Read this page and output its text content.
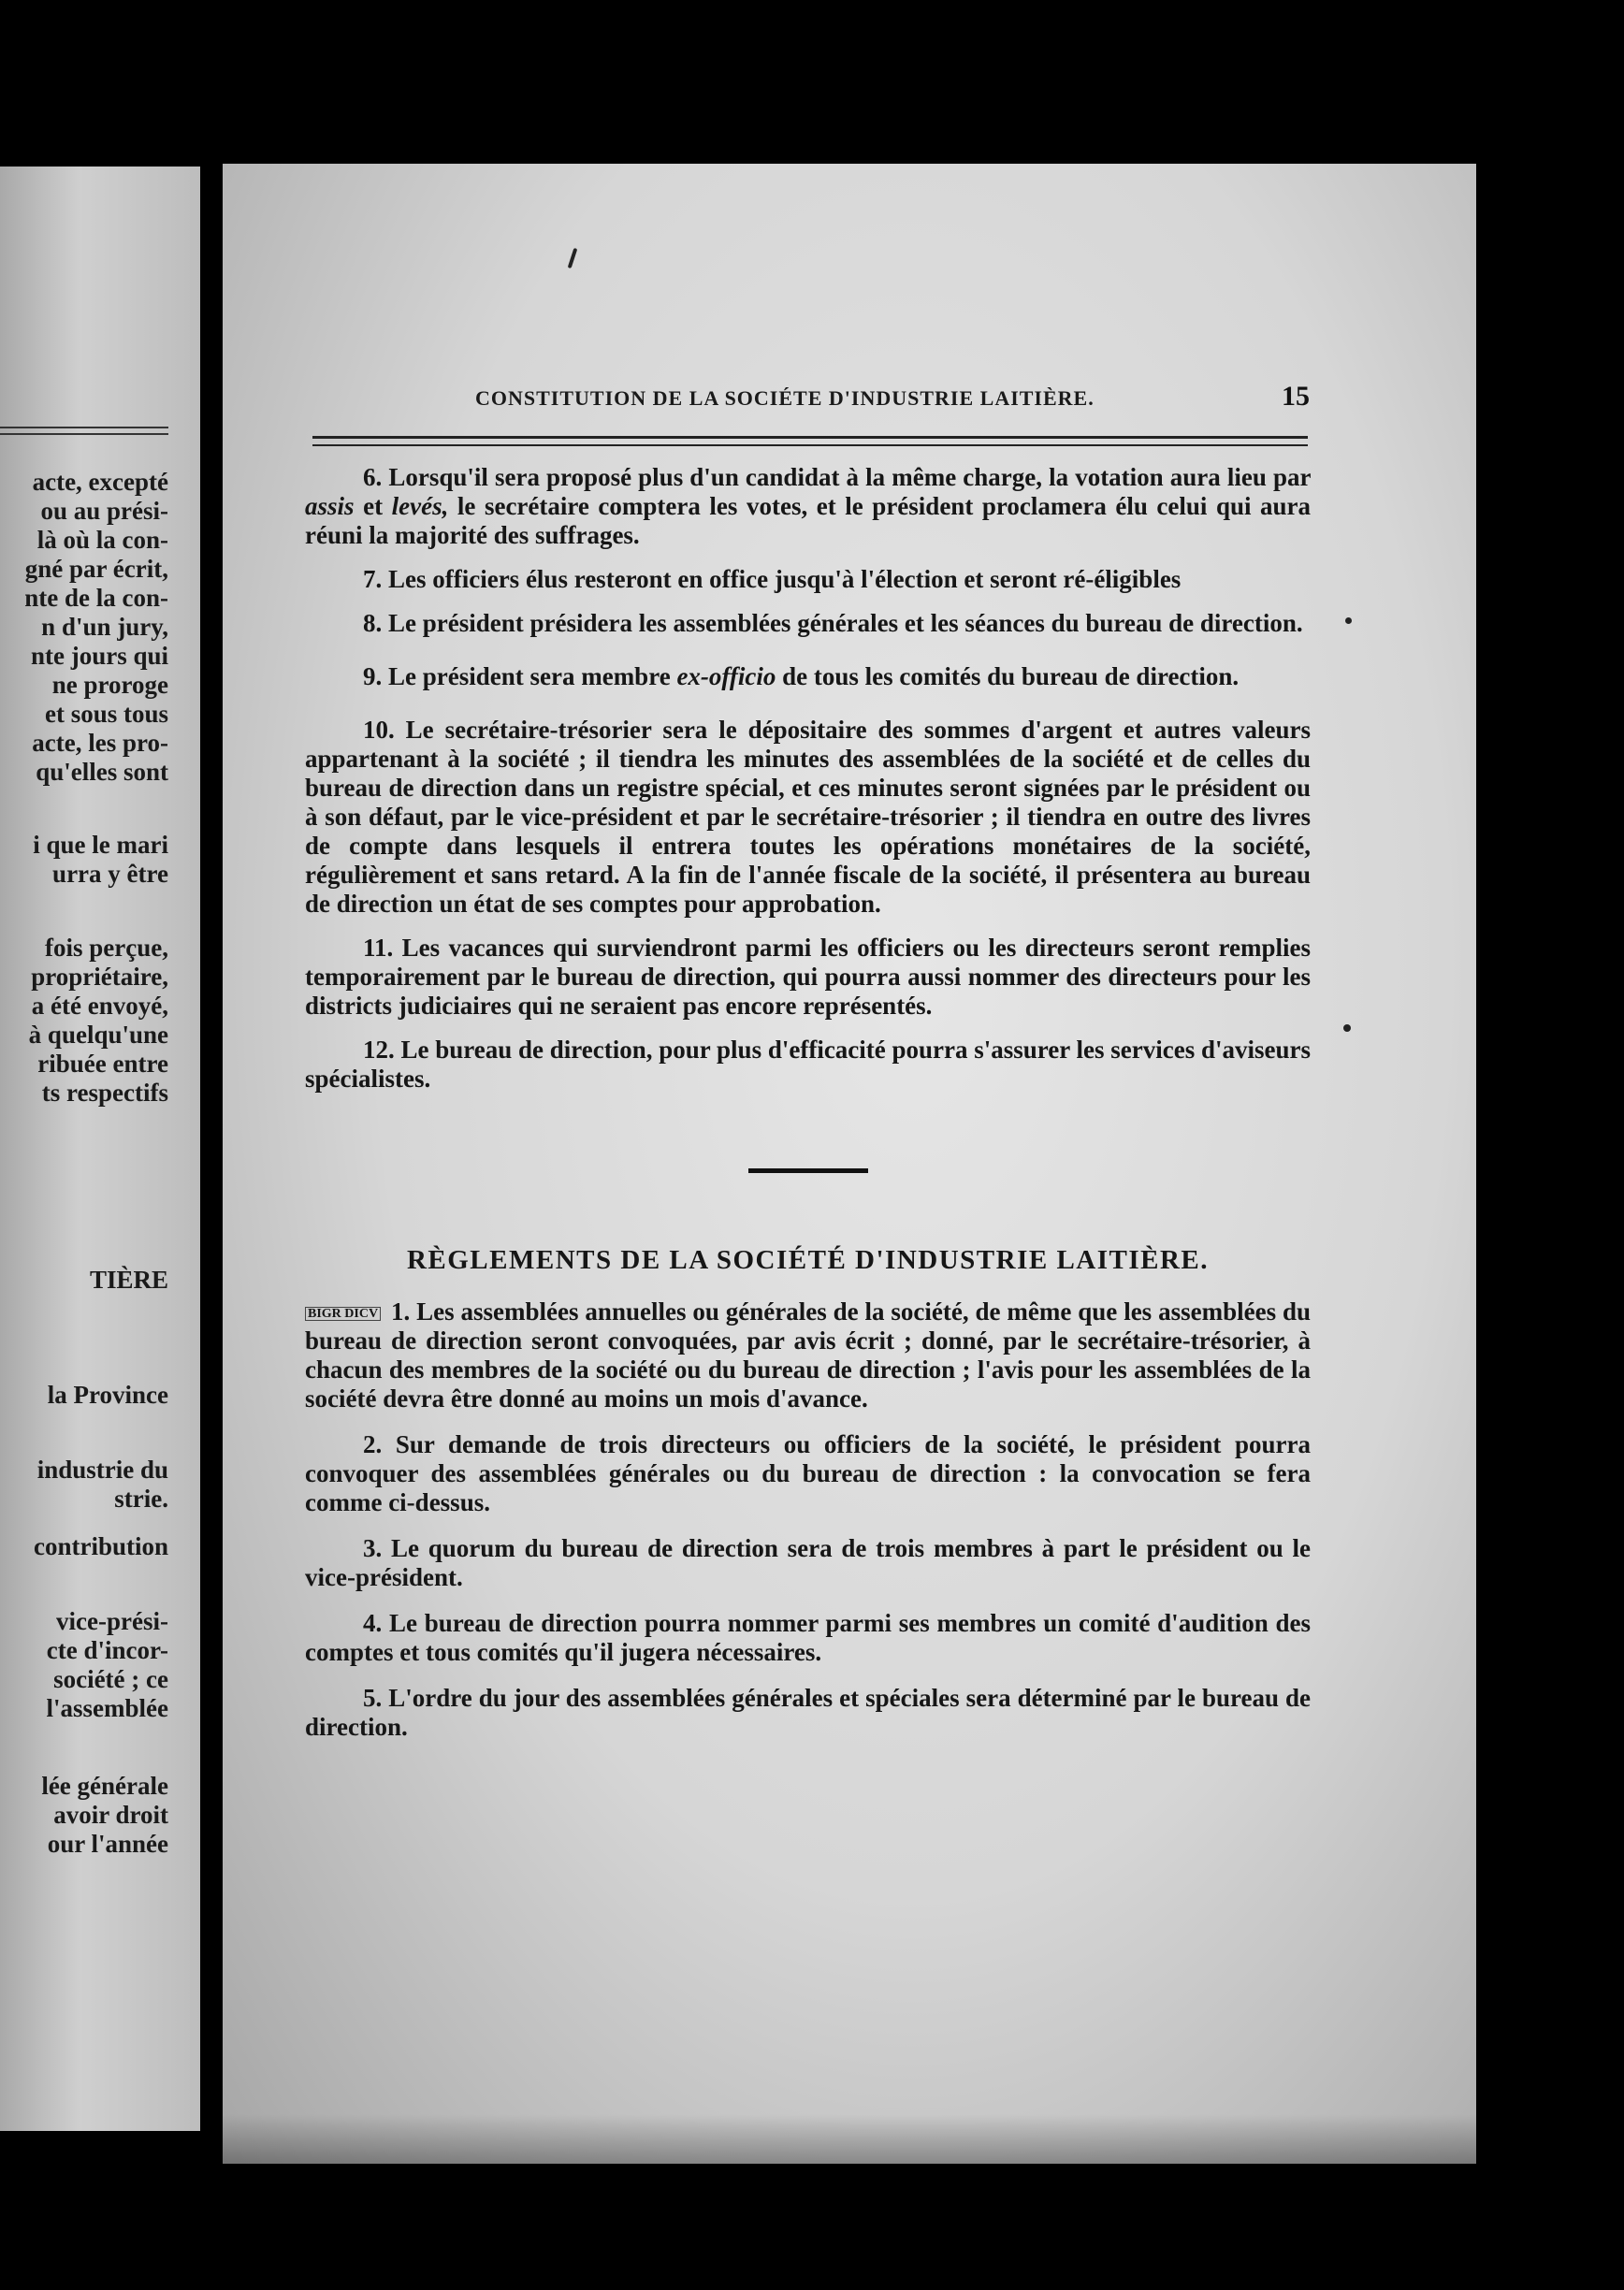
acte, excepté
ou au prési-
là où la con-
gné par écrit,
nte de la con-
n d'un jury,
nte jours qui
ne proroge
et sous tous
acte, les pro-
qu'elles sont
i que le mari
urra y être
fois perçue,
propriétaire,
a été envoyé,
à quelqu'une
ribuée entre
ts respectifs
TIÈRE
la Province
industrie du
strie.
contribution
vice-prési-
cte d'incor-
société ; ce
l'assemblée
lée générale
avoir droit
our l'année
CONSTITUTION DE LA SOCIÉTE D'INDUSTRIE LAITIÈRE.	15

6. Lorsqu'il sera proposé plus d'un candidat à la même charge, la votation aura lieu par assis et levés, le secrétaire comptera les votes, et le président proclamera élu celui qui aura réuni la majorité des suffrages.

7. Les officiers élus resteront en office jusqu'à l'élection et seront ré-éligibles

8. Le président présidera les assemblées générales et les séances du bureau de direction.

9. Le président sera membre ex-officio de tous les comités du bureau de direction.

10. Le secrétaire-trésorier sera le dépositaire des sommes d'argent et autres valeurs appartenant à la société ; il tiendra les minutes des assemblées de la société et de celles du bureau de direction dans un registre spécial, et ces minutes seront signées par le président ou à son défaut, par le vice-président et par le secrétaire-trésorier ; il tiendra en outre des livres de compte dans lesquels il entrera toutes les opérations monétaires de la société, régulièrement et sans retard. A la fin de l'année fiscale de la société, il présentera au bureau de direction un état de ses comptes pour approbation.

11. Les vacances qui surviendront parmi les officiers ou les directeurs seront remplies temporairement par le bureau de direction, qui pourra aussi nommer des directeurs pour les districts judiciaires qui ne seraient pas encore représentés.

12. Le bureau de direction, pour plus d'efficacité pourra s'assurer les services d'aviseurs spécialistes.

RÈGLEMENTS DE LA SOCIÉTÉ D'INDUSTRIE LAITIÈRE.

BIGR DICV 1. Les assemblées annuelles ou générales de la société, de même que les assemblées du bureau de direction seront convoquées, par avis écrit ; donné, par le secrétaire-trésorier, à chacun des membres de la société ou du bureau de direction ; l'avis pour les assemblées de la société devra être donné au moins un mois d'avance.

2. Sur demande de trois directeurs ou officiers de la société, le président pourra convoquer des assemblées générales ou du bureau de direction : la convocation se fera comme ci-dessus.

3. Le quorum du bureau de direction sera de trois membres à part le président ou le vice-président.

4. Le bureau de direction pourra nommer parmi ses membres un comité d'audition des comptes et tous comités qu'il jugera nécessaires.

5. L'ordre du jour des assemblées générales et spéciales sera déterminé par le bureau de direction.
